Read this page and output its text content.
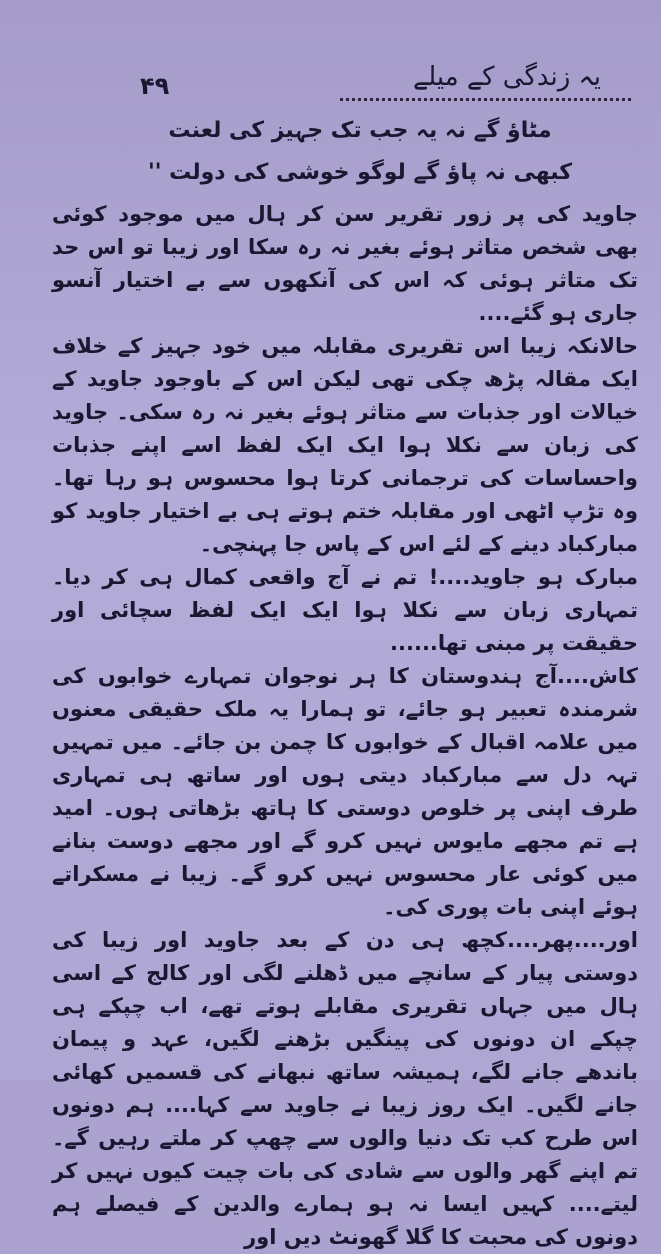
۴۹	یہ زندگی کے میلے
مٹاؤ گے نہ یہ جب تک جہیز کی لعنت
کبھی نہ پاؤ گے لوگو خوشی کی دولت ''

جاوید کی پر زور تقریر سن کر ہال میں موجود کوئی بھی شخص متاثر ہوئے بغیر نہ رہ سکا اور زیبا تو اس حد تک متاثر ہوئی کہ اس کی آنکھوں سے بے اختیار آنسو جاری ہو گئے....

حالانکہ زیبا اس تقریری مقابلہ میں خود جہیز کے خلاف ایک مقالہ پڑھ چکی تھی لیکن اس کے باوجود جاوید کے خیالات اور جذبات سے متاثر ہوئے بغیر نہ رہ سکی۔ جاوید کی زبان سے نکلا ہوا ایک ایک لفظ اسے اپنے جذبات واحساسات کی ترجمانی کرتا ہوا محسوس ہو رہا تھا۔ وہ تڑپ اٹھی اور مقابلہ ختم ہوتے ہی بے اختیار جاوید کو مبارکباد دینے کے لئے اس کے پاس جا پہنچی۔

مبارک ہو جاوید....! تم نے آج واقعی کمال ہی کر دیا۔ تمہاری زبان سے نکلا ہوا ایک ایک لفظ سچائی اور حقیقت پر مبنی تھا......

کاش....آج ہندوستان کا ہر نوجوان تمہارے خوابوں کی شرمندہ تعبیر ہو جائے، تو ہمارا یہ ملک حقیقی معنوں میں علامہ اقبال کے خوابوں کا چمن بن جائے۔ میں تمہیں تہہ دل سے مبارکباد دیتی ہوں اور ساتھ ہی تمہاری طرف اپنی پر خلوص دوستی کا ہاتھ بڑھاتی ہوں۔ امید ہے تم مجھے مایوس نہیں کرو گے اور مجھے دوست بنانے میں کوئی عار محسوس نہیں کرو گے۔ زیبا نے مسکراتے ہوئے اپنی بات پوری کی۔

اور....پھر....کچھ ہی دن کے بعد جاوید اور زیبا کی دوستی پیار کے سانچے میں ڈھلنے لگی اور کالج کے اسی ہال میں جہاں تقریری مقابلے ہوتے تھے، اب چپکے ہی چپکے ان دونوں کی پینگیں بڑھنے لگیں، عہد و پیمان باندھے جانے لگے، ہمیشہ ساتھ نبھانے کی قسمیں کھائی جانے لگیں۔ ایک روز زیبا نے جاوید سے کہا.... ہم دونوں اس طرح کب تک دنیا والوں سے چھپ کر ملتے رہیں گے۔ تم اپنے گھر والوں سے شادی کی بات چیت کیوں نہیں کر لیتے.... کہیں ایسا نہ ہو ہمارے والدین کے فیصلے ہم دونوں کی محبت کا گلا گھونٹ دیں اور
